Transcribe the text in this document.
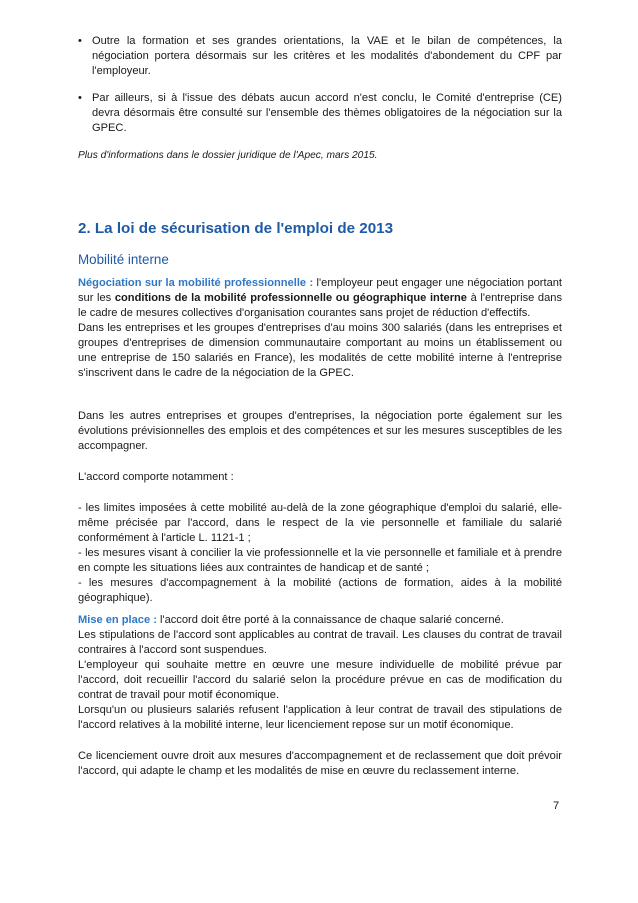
• Outre la formation et ses grandes orientations, la VAE et le bilan de compétences, la négociation portera désormais sur les critères et les modalités d'abondement du CPF par l'employeur.
• Par ailleurs, si à l'issue des débats aucun accord n'est conclu, le Comité d'entreprise (CE) devra désormais être consulté sur l'ensemble des thèmes obligatoires de la négociation sur la GPEC.

Plus d'informations dans le dossier juridique de l'Apec, mars 2015.

2. La loi de sécurisation de l'emploi de 2013
Mobilité interne

Négociation sur la mobilité professionnelle : l'employeur peut engager une négociation portant sur les conditions de la mobilité professionnelle ou géographique interne à l'entreprise dans le cadre de mesures collectives d'organisation courantes sans projet de réduction d'effectifs.

Dans les entreprises et les groupes d'entreprises d'au moins 300 salariés (dans les entreprises et groupes d'entreprises de dimension communautaire comportant au moins un établissement ou une entreprise de 150 salariés en France), les modalités de cette mobilité interne à l'entreprise s'inscrivent dans le cadre de la négociation de la GPEC.

Dans les autres entreprises et groupes d'entreprises, la négociation porte également sur les évolutions prévisionnelles des emplois et des compétences et sur les mesures susceptibles de les accompagner.

L'accord comporte notamment :

- les limites imposées à cette mobilité au-delà de la zone géographique d'emploi du salarié, elle-même précisée par l'accord, dans le respect de la vie personnelle et familiale du salarié conformément à l'article L. 1121-1 ;

- les mesures visant à concilier la vie professionnelle et la vie personnelle et familiale et à prendre en compte les situations liées aux contraintes de handicap et de santé ;

- les mesures d'accompagnement à la mobilité (actions de formation, aides à la mobilité géographique).

Mise en place : l'accord doit être porté à la connaissance de chaque salarié concerné.

Les stipulations de l'accord sont applicables au contrat de travail. Les clauses du contrat de travail contraires à l'accord sont suspendues.

L'employeur qui souhaite mettre en œuvre une mesure individuelle de mobilité prévue par l'accord, doit recueillir l'accord du salarié selon la procédure prévue en cas de modification du contrat de travail pour motif économique.

Lorsqu'un ou plusieurs salariés refusent l'application à leur contrat de travail des stipulations de l'accord relatives à la mobilité interne, leur licenciement repose sur un motif économique.

Ce licenciement ouvre droit aux mesures d'accompagnement et de reclassement que doit prévoir l'accord, qui adapte le champ et les modalités de mise en œuvre du reclassement interne.

7
